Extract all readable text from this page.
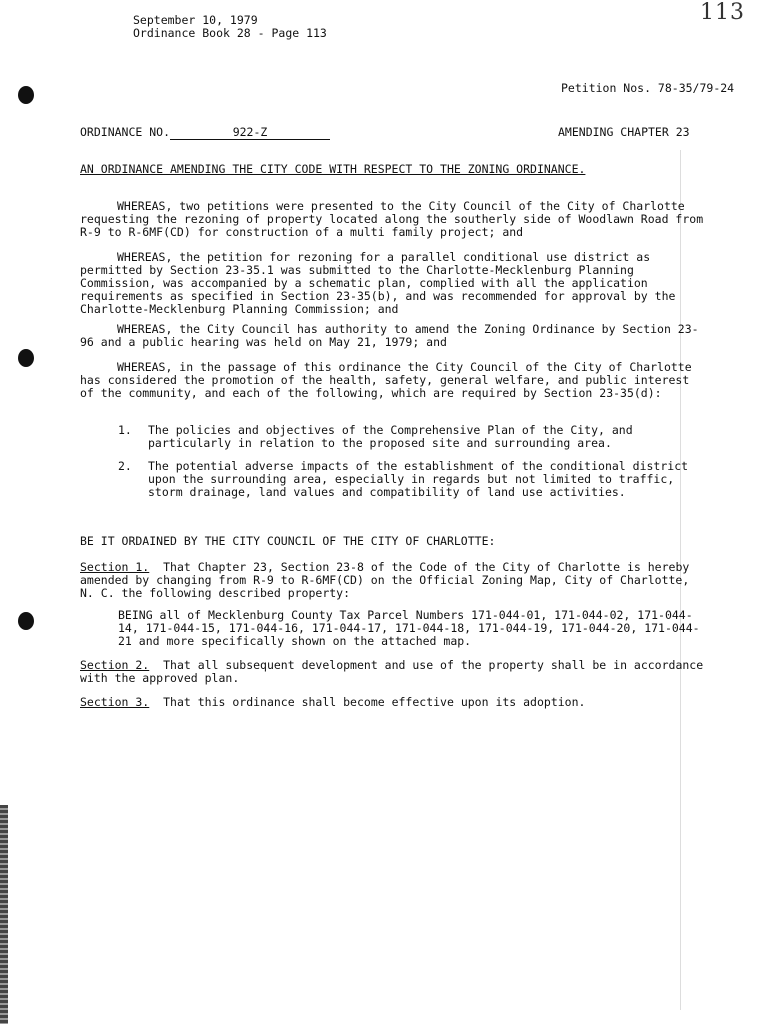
September 10, 1979
Ordinance Book 28 - Page 113
113
Petition Nos. 78-35/79-24
ORDINANCE NO.	922-Z	AMENDING CHAPTER 23
AN ORDINANCE AMENDING THE CITY CODE WITH RESPECT TO THE ZONING ORDINANCE.
WHEREAS, two petitions were presented to the City Council of the City of Charlotte requesting the rezoning of property located along the southerly side of Woodlawn Road from R-9 to R-6MF(CD) for construction of a multi family project; and
WHEREAS, the petition for rezoning for a parallel conditional use district as permitted by Section 23-35.1 was submitted to the Charlotte-Mecklenburg Planning Commission, was accompanied by a schematic plan, complied with all the application requirements as specified in Section 23-35(b), and was recommended for approval by the Charlotte-Mecklenburg Planning Commission; and
WHEREAS, the City Council has authority to amend the Zoning Ordinance by Section 23-96 and a public hearing was held on May 21, 1979; and
WHEREAS, in the passage of this ordinance the City Council of the City of Charlotte has considered the promotion of the health, safety, general welfare, and public interest of the community, and each of the following, which are required by Section 23-35(d):
1. The policies and objectives of the Comprehensive Plan of the City, and particularly in relation to the proposed site and surrounding area.
2. The potential adverse impacts of the establishment of the conditional district upon the surrounding area, especially in regards but not limited to traffic, storm drainage, land values and compatibility of land use activities.
BE IT ORDAINED BY THE CITY COUNCIL OF THE CITY OF CHARLOTTE:
Section 1. That Chapter 23, Section 23-8 of the Code of the City of Charlotte is hereby amended by changing from R-9 to R-6MF(CD) on the Official Zoning Map, City of Charlotte, N. C. the following described property:
BEING all of Mecklenburg County Tax Parcel Numbers 171-044-01, 171-044-02, 171-044-14, 171-044-15, 171-044-16, 171-044-17, 171-044-18, 171-044-19, 171-044-20, 171-044-21 and more specifically shown on the attached map.
Section 2. That all subsequent development and use of the property shall be in accordance with the approved plan.
Section 3. That this ordinance shall become effective upon its adoption.
